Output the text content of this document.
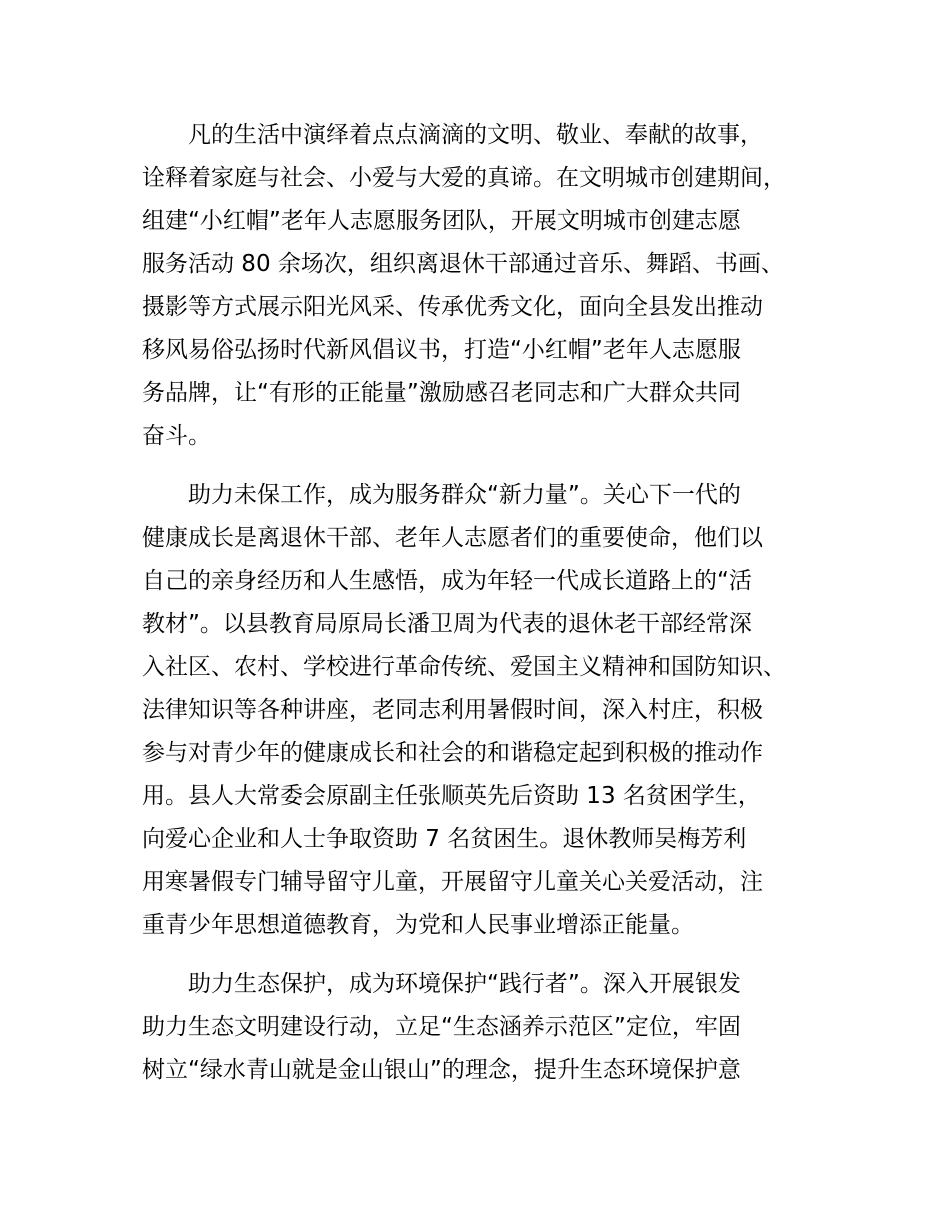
凡的生活中演绎着点点滴滴的文明、敬业、奉献的故事，
诠释着家庭与社会、小爱与大爱的真谛。在文明城市创建期间，
组建“小红帽”老年人志愿服务团队，开展文明城市创建志愿
服务活动 80 余场次，组织离退休干部通过音乐、舞蹈、书画、
摄影等方式展示阳光风采、传承优秀文化，面向全县发出推动
移风易俗弘扬时代新风倡议书，打造“小红帽”老年人志愿服
务品牌，让“有形的正能量”激励感召老同志和广大群众共同
奋斗。
助力未保工作，成为服务群众“新力量”。关心下一代的
健康成长是离退休干部、老年人志愿者们的重要使命，他们以
自己的亲身经历和人生感悟，成为年轻一代成长道路上的“活
教材”。以县教育局原局长潘卫周为代表的退休老干部经常深
入社区、农村、学校进行革命传统、爱国主义精神和国防知识、
法律知识等各种讲座，老同志利用暑假时间，深入村庄，积极
参与对青少年的健康成长和社会的和谐稳定起到积极的推动作
用。县人大常委会原副主任张顺英先后资助 13 名贫困学生，
向爱心企业和人士争取资助 7 名贫困生。退休教师吴梅芳利
用寒暑假专门辅导留守儿童，开展留守儿童关心关爱活动，注
重青少年思想道德教育，为党和人民事业增添正能量。
助力生态保护，成为环境保护“践行者”。深入开展银发
助力生态文明建设行动，立足“生态涵养示范区”定位，牢固
树立“绿水青山就是金山银山”的理念，提升生态环境保护意
